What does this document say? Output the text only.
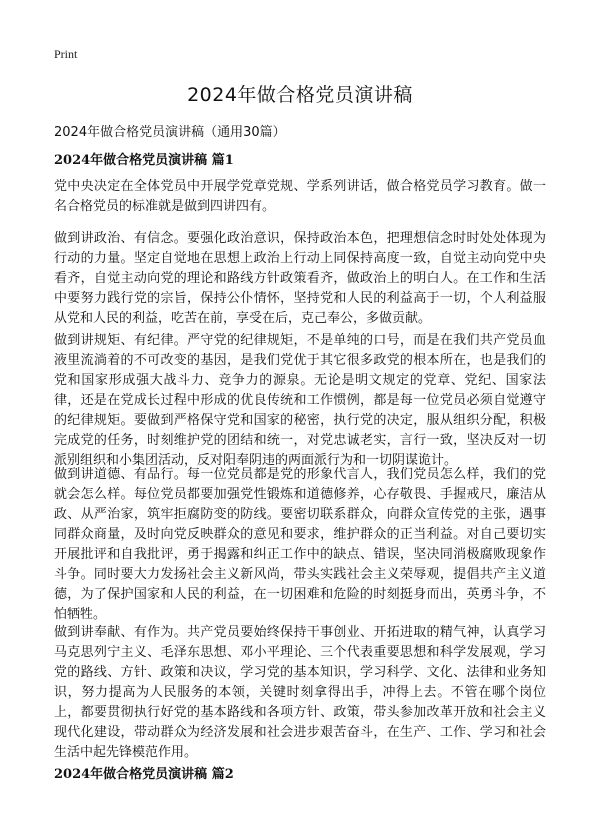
Print
2024年做合格党员演讲稿

2024年做合格党员演讲稿（通用30篇）

2024年做合格党员演讲稿 篇1

党中央决定在全体党员中开展学党章党规、学系列讲话，做合格党员学习教育。做一名合格党员的标准就是做到四讲四有。

做到讲政治、有信念。要强化政治意识，保持政治本色，把理想信念时时处处体现为行动的力量。坚定自觉地在思想上政治上行动上同保持高度一致，自觉主动向党中央看齐，自觉主动向党的理论和路线方针政策看齐，做政治上的明白人。在工作和生活中要努力践行党的宗旨，保持公仆情怀，坚持党和人民的利益高于一切，个人利益服从党和人民的利益，吃苦在前，享受在后，克己奉公，多做贡献。

做到讲规矩、有纪律。严守党的纪律规矩，不是单纯的口号，而是在我们共产党员血液里流淌着的不可改变的基因，是我们党优于其它很多政党的根本所在，也是我们的党和国家形成强大战斗力、竞争力的源泉。无论是明文规定的党章、党纪、国家法律，还是在党成长过程中形成的优良传统和工作惯例，都是每一位党员必须自觉遵守的纪律规矩。要做到严格保守党和国家的秘密，执行党的决定，服从组织分配，积极完成党的任务，时刻维护党的团结和统一，对党忠诚老实，言行一致，坚决反对一切派别组织和小集团活动，反对阳奉阴违的两面派行为和一切阴谋诡计。

做到讲道德、有品行。每一位党员都是党的形象代言人，我们党员怎么样，我们的党就会怎么样。每位党员都要加强党性锻炼和道德修养，心存敬畏、手握戒尺，廉洁从政、从严治家，筑牢拒腐防变的防线。要密切联系群众，向群众宣传党的主张，遇事同群众商量，及时向党反映群众的意见和要求，维护群众的正当利益。对自己要切实开展批评和自我批评，勇于揭露和纠正工作中的缺点、错误，坚决同消极腐败现象作斗争。同时要大力发扬社会主义新风尚，带头实践社会主义荣辱观，提倡共产主义道德，为了保护国家和人民的利益，在一切困难和危险的时刻挺身而出，英勇斗争，不怕牺牲。

做到讲奉献、有作为。共产党员要始终保持干事创业、开拓进取的精气神，认真学习马克思列宁主义、毛泽东思想、邓小平理论、三个代表重要思想和科学发展观，学习党的路线、方针、政策和决议，学习党的基本知识，学习科学、文化、法律和业务知识，努力提高为人民服务的本领，关键时刻拿得出手，冲得上去。不管在哪个岗位上，都要贯彻执行好党的基本路线和各项方针、政策，带头参加改革开放和社会主义现代化建设，带动群众为经济发展和社会进步艰苦奋斗，在生产、工作、学习和社会生活中起先锋模范作用。

2024年做合格党员演讲稿 篇2
